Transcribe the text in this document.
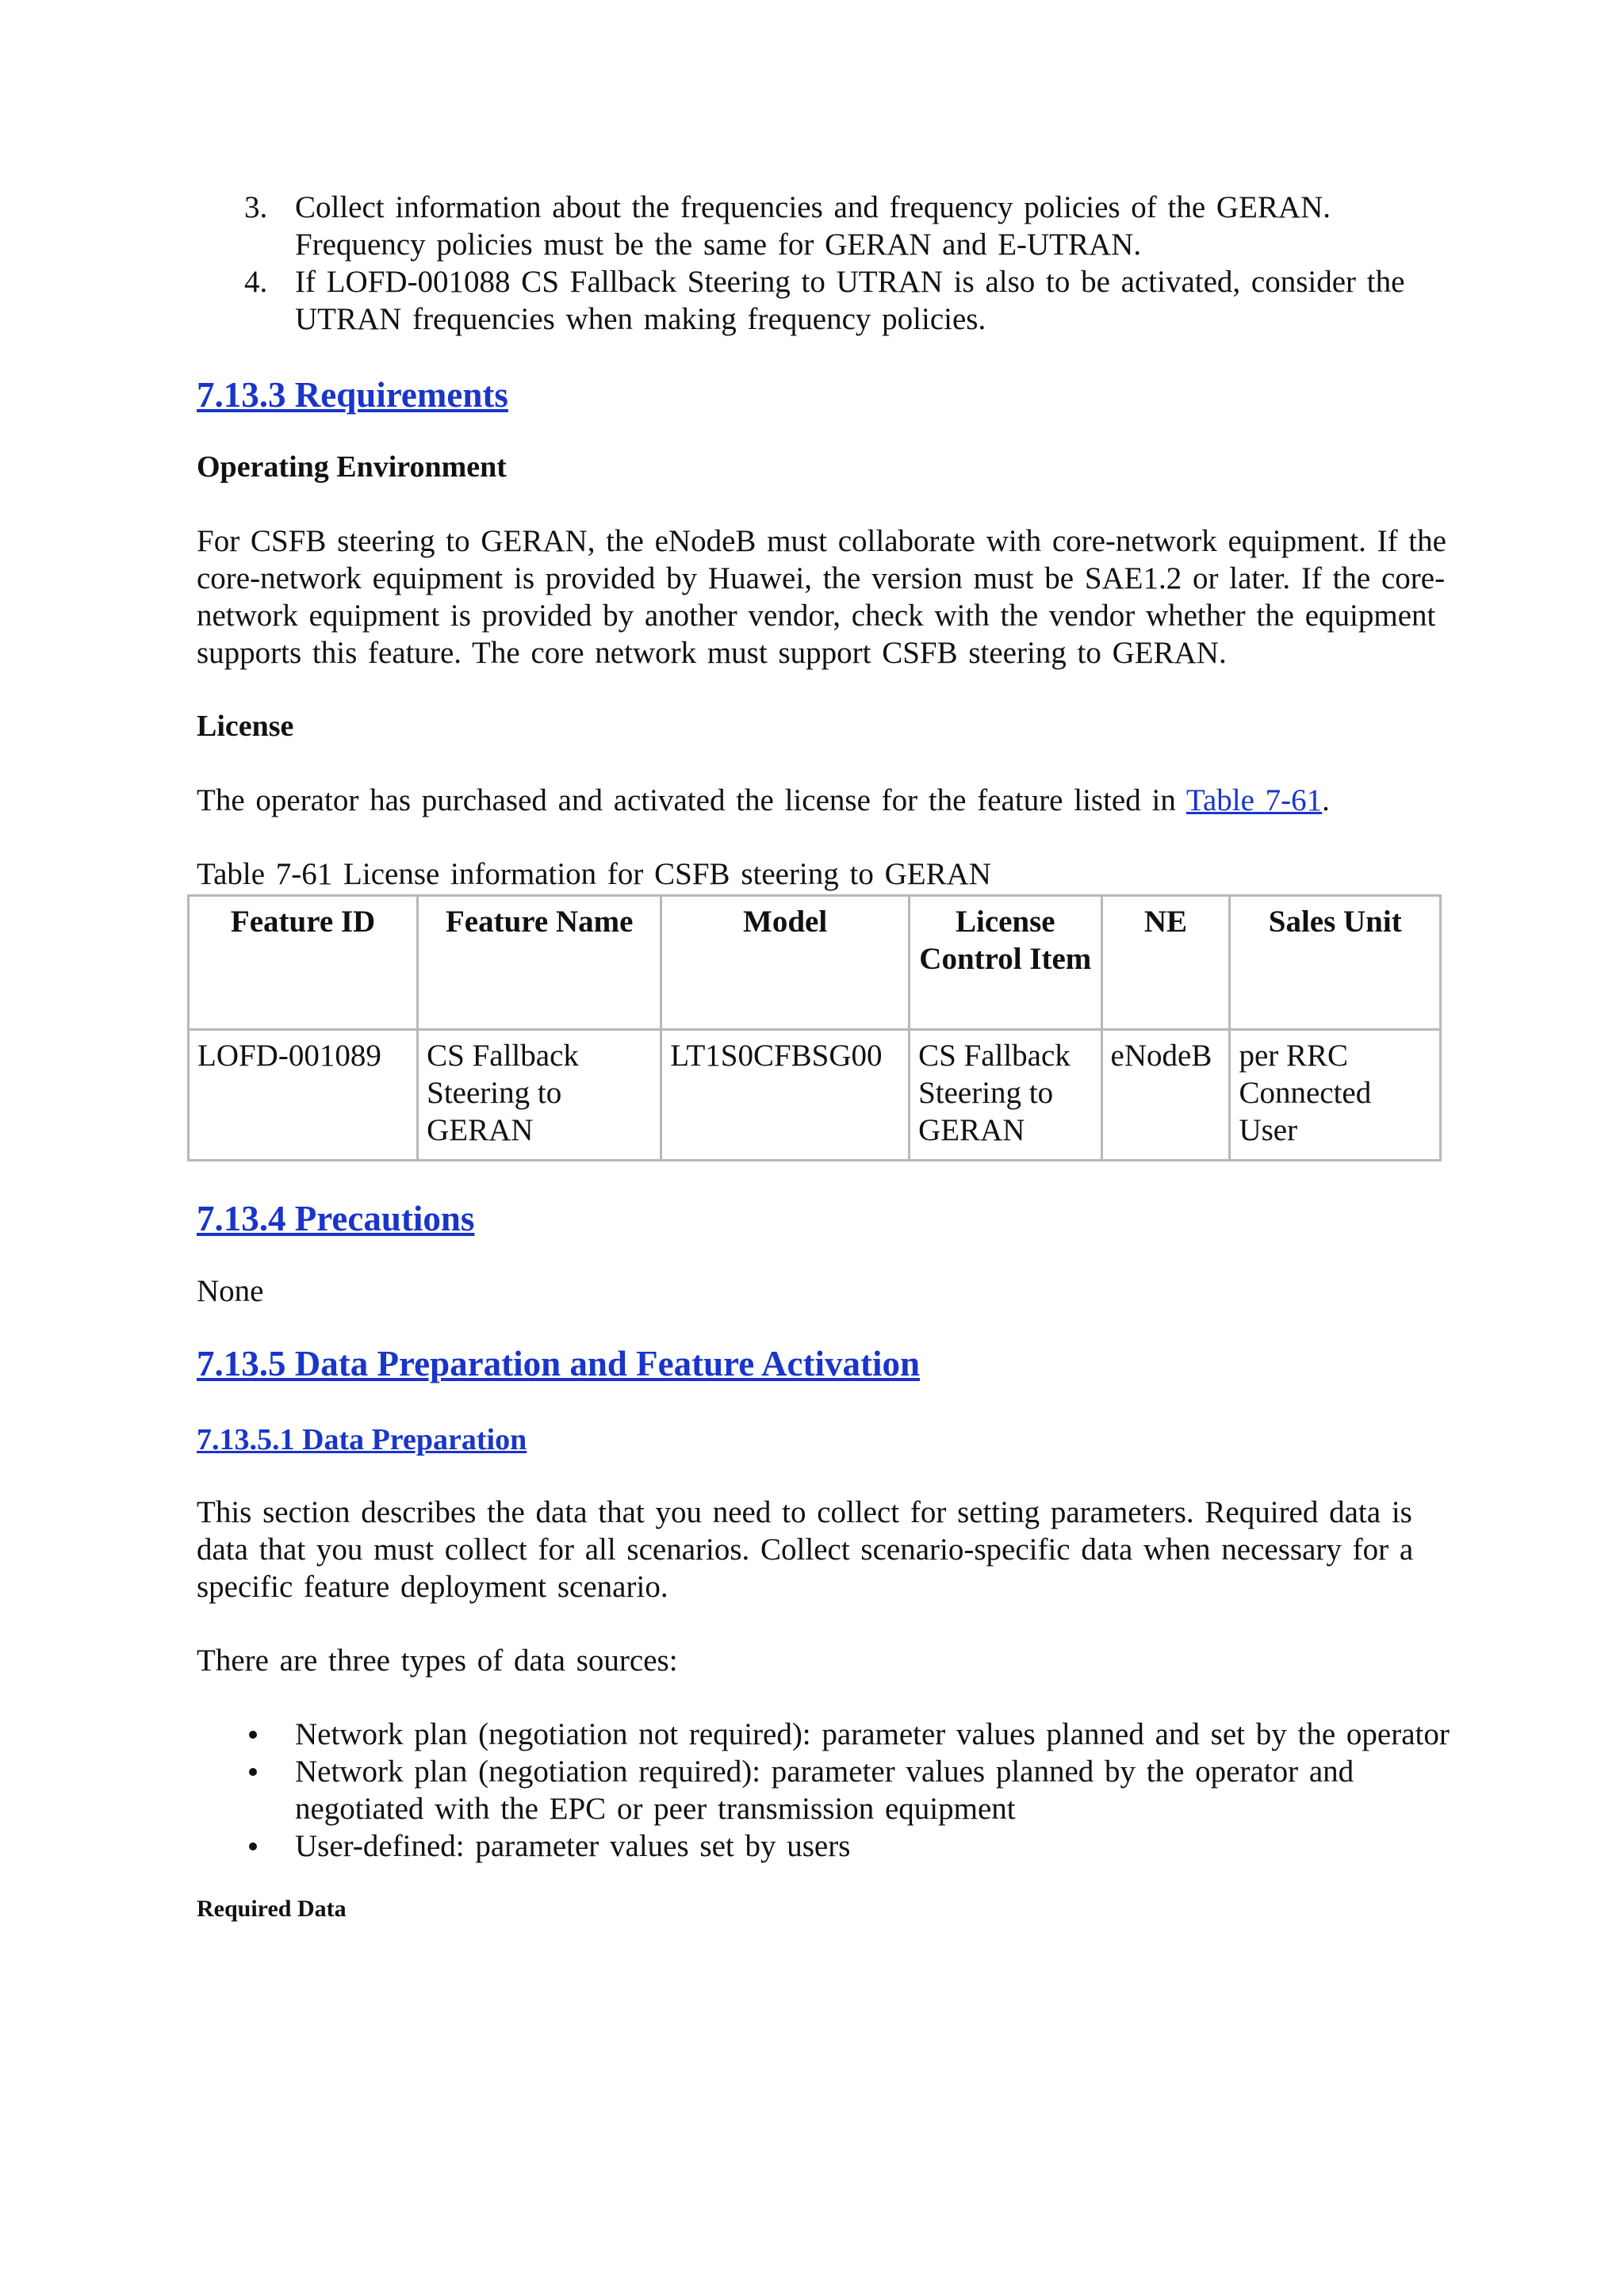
3. Collect information about the frequencies and frequency policies of the GERAN. Frequency policies must be the same for GERAN and E-UTRAN.
4. If LOFD-001088 CS Fallback Steering to UTRAN is also to be activated, consider the UTRAN frequencies when making frequency policies.
7.13.3 Requirements

Operating Environment

For CSFB steering to GERAN, the eNodeB must collaborate with core-network equipment. If the core-network equipment is provided by Huawei, the version must be SAE1.2 or later. If the core-network equipment is provided by another vendor, check with the vendor whether the equipment supports this feature. The core network must support CSFB steering to GERAN.

License

The operator has purchased and activated the license for the feature listed in Table 7-61.

Table 7-61 License information for CSFB steering to GERAN

Feature ID	Feature Name	Model	License Control Item	NE	Sales Unit
LOFD-001089	CS Fallback Steering to GERAN	LT1S0CFBSG00	CS Fallback Steering to GERAN	eNodeB	per RRC Connected User
7.13.4 Precautions

None

7.13.5 Data Preparation and Feature Activation
7.13.5.1 Data Preparation

This section describes the data that you need to collect for setting parameters. Required data is data that you must collect for all scenarios. Collect scenario-specific data when necessary for a specific feature deployment scenario.

There are three types of data sources:

Network plan (negotiation not required): parameter values planned and set by the operator
Network plan (negotiation required): parameter values planned by the operator and negotiated with the EPC or peer transmission equipment
User-defined: parameter values set by users

Required Data
